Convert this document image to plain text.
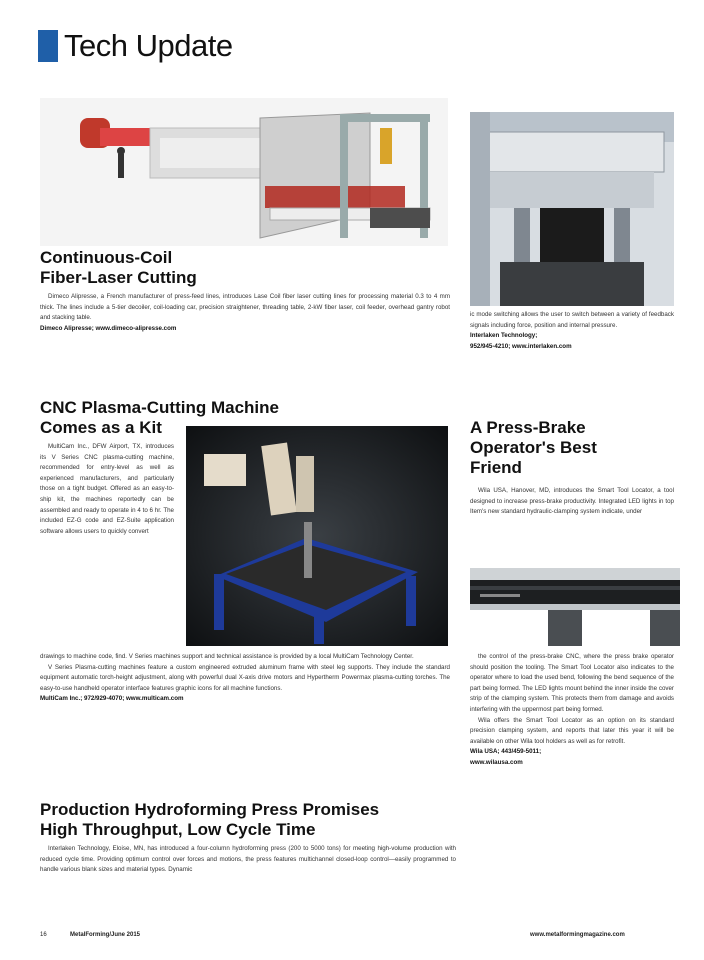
Tech Update
Continuous-Coil
Fiber-Laser Cutting

Dimeco Alipresse, a French manufacturer of press-feed lines, introduces Lase Coil fiber laser cutting lines for processing material 0.3 to 4 mm thick. The lines include a 5-tier decoiler, coil-loading car, precision straightener, threading table, 2-kW fiber laser, coil feeder, overhead gantry robot and stacking table.

Dimeco Alipresse; www.dimeco-alipresse.com
CNC Plasma-Cutting Machine
Comes as a Kit

MultiCam Inc., DFW Airport, TX, introduces its V Series CNC plasma-cutting machine, recommended for entry-level as well as experienced manufacturers, and particularly those on a tight budget. Offered as an easy-to-ship kit, the machines reportedly can be assembled and ready to operate in 4 to 6 hr. The included EZ-G code and EZ-Suite application software allows users to quickly convert

drawings to machine code, find. V Series machines support and technical assistance is provided by a local MultiCam Technology Center.

V Series Plasma-cutting machines feature a custom engineered extruded aluminum frame with steel leg supports. They include the standard equipment automatic torch-height adjustment, along with powerful dual X-axis drive motors and Hypertherm Powermax plasma-cutting torches. The easy-to-use handheld operator interface features graphic icons for all machine functions.

MultiCam Inc.; 972/929-4070; www.multicam.com
Production Hydroforming Press Promises
High Throughput, Low Cycle Time

Interlaken Technology, Eloise, MN, has introduced a four-column hydroforming press (200 to 5000 tons) for meeting high-volume production with reduced cycle time. Providing optimum control over forces and motions, the press features multichannel closed-loop control—easily programmed to handle various blank sizes and material types. Dynamic

ic mode switching allows the user to switch between a variety of feedback signals including force, position and internal pressure.
Interlaken Technology;
952/945-4210; www.interlaken.com
A Press-Brake
Operator's Best
Friend

Wila USA, Hanover, MD, introduces the Smart Tool Locator, a tool designed to increase press-brake productivity. Integrated LED lights in top Item's new standard hydraulic-clamping system indicate, under

the control of the press-brake CNC, where the press brake operator should position the tooling. The Smart Tool Locator also indicates to the operator where to load the used bend, following the bend sequence of the part being formed. The LED lights mount behind the inner inside the cover strip of the clamping system. This protects them from damage and avoids interfering with the uppermost part being formed.

Wila offers the Smart Tool Locator as an option on its standard precision clamping system, and reports that later this year it will be available on other Wila tool holders as well as for retrofit.

Wila USA; 443/459-5011;
www.wilausa.com
16	MetalForming/June 2015	www.metalformingmagazine.com
